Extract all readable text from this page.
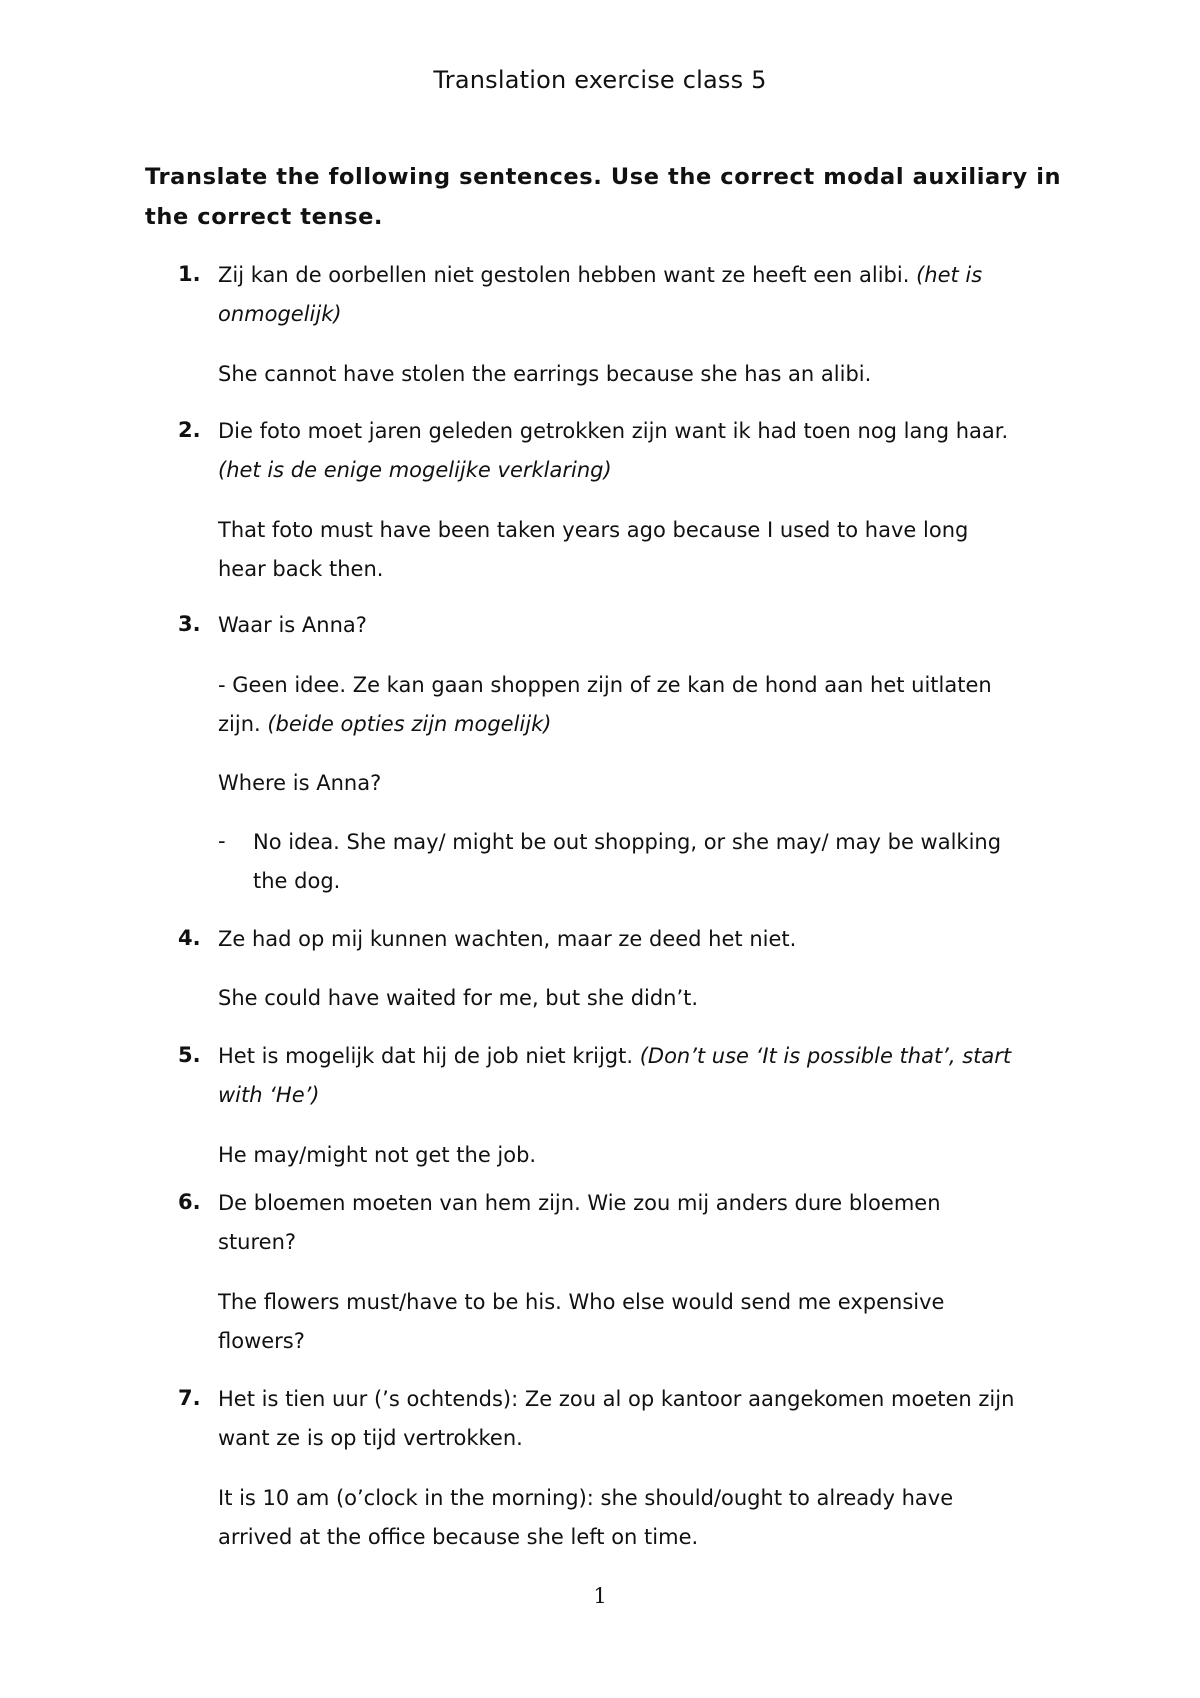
Translation exercise class 5
Translate the following sentences. Use the correct modal auxiliary in the correct tense.
1. Zij kan de oorbellen niet gestolen hebben want ze heeft een alibi. (het is
onmogelijk)
She cannot have stolen the earrings because she has an alibi.
2. Die foto moet jaren geleden getrokken zijn want ik had toen nog lang haar.
(het is de enige mogelijke verklaring)
That foto must have been taken years ago because I used to have long
hear back then.
3. Waar is Anna?
- Geen idee. Ze kan gaan shoppen zijn of ze kan de hond aan het uitlaten
zijn. (beide opties zijn mogelijk)
Where is Anna?
- No idea. She may/ might be out shopping, or she may/ may be walking
the dog.
4. Ze had op mij kunnen wachten, maar ze deed het niet.
She could have waited for me, but she didn’t.
5. Het is mogelijk dat hij de job niet krijgt. (Don’t use ‘It is possible that’, start
with ‘He’)
He may/might not get the job.
6. De bloemen moeten van hem zijn. Wie zou mij anders dure bloemen
sturen?
The flowers must/have to be his. Who else would send me expensive
flowers?
7. Het is tien uur (’s ochtends): Ze zou al op kantoor aangekomen moeten zijn
want ze is op tijd vertrokken.
It is 10 am (o’clock in the morning): she should/ought to already have
arrived at the office because she left on time.
1
